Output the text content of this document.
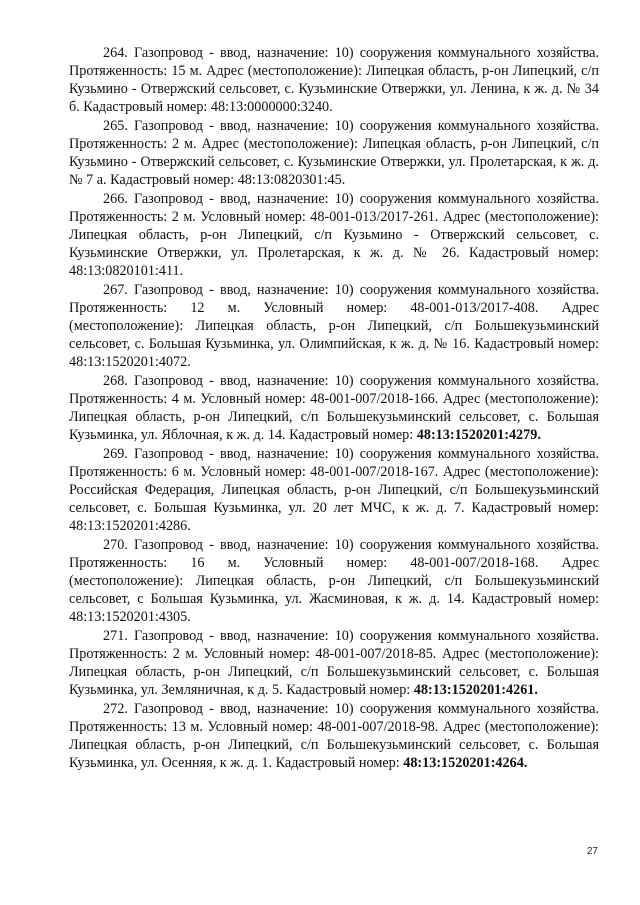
264. Газопровод - ввод, назначение: 10) сооружения коммунального хозяйства. Протяженность: 15 м. Адрес (местоположение): Липецкая область, р-он Липецкий, с/п Кузьмино - Отвержский сельсовет, с. Кузьминские Отвержки, ул. Ленина, к ж. д. № 34 б. Кадастровый номер: 48:13:0000000:3240.

265. Газопровод - ввод, назначение: 10) сооружения коммунального хозяйства. Протяженность: 2 м. Адрес (местоположение): Липецкая область, р-он Липецкий, с/п Кузьмино - Отвержский сельсовет, с. Кузьминские Отвержки, ул. Пролетарская, к ж. д. № 7 а. Кадастровый номер: 48:13:0820301:45.

266. Газопровод - ввод, назначение: 10) сооружения коммунального хозяйства. Протяженность: 2 м. Условный номер: 48-001-013/2017-261. Адрес (местоположение): Липецкая область, р-он Липецкий, с/п Кузьмино - Отвержский сельсовет, с. Кузьминские Отвержки, ул. Пролетарская, к ж. д. № 26. Кадастровый номер: 48:13:0820101:411.

267. Газопровод - ввод, назначение: 10) сооружения коммунального хозяйства. Протяженность: 12 м. Условный номер: 48-001-013/2017-408. Адрес (местоположение): Липецкая область, р-он Липецкий, с/п Большекузьминский сельсовет, с. Большая Кузьминка, ул. Олимпийская, к ж. д. № 16. Кадастровый номер: 48:13:1520201:4072.

268. Газопровод - ввод, назначение: 10) сооружения коммунального хозяйства. Протяженность: 4 м. Условный номер: 48-001-007/2018-166. Адрес (местоположение): Липецкая область, р-он Липецкий, с/п Большекузьминский сельсовет, с. Большая Кузьминка, ул. Яблочная, к ж. д. 14. Кадастровый номер: 48:13:1520201:4279.

269. Газопровод - ввод, назначение: 10) сооружения коммунального хозяйства. Протяженность: 6 м. Условный номер: 48-001-007/2018-167. Адрес (местоположение): Российская Федерация, Липецкая область, р-он Липецкий, с/п Большекузьминский сельсовет, с. Большая Кузьминка, ул. 20 лет МЧС, к ж. д. 7. Кадастровый номер: 48:13:1520201:4286.

270. Газопровод - ввод, назначение: 10) сооружения коммунального хозяйства. Протяженность: 16 м. Условный номер: 48-001-007/2018-168. Адрес (местоположение): Липецкая область, р-он Липецкий, с/п Большекузьминский сельсовет, с Большая Кузьминка, ул. Жасминовая, к ж. д. 14. Кадастровый номер: 48:13:1520201:4305.

271. Газопровод - ввод, назначение: 10) сооружения коммунального хозяйства. Протяженность: 2 м. Условный номер: 48-001-007/2018-85. Адрес (местоположение): Липецкая область, р-он Липецкий, с/п Большекузьминский сельсовет, с. Большая Кузьминка, ул. Земляничная, к д. 5. Кадастровый номер: 48:13:1520201:4261.

272. Газопровод - ввод, назначение: 10) сооружения коммунального хозяйства. Протяженность: 13 м. Условный номер: 48-001-007/2018-98. Адрес (местоположение): Липецкая область, р-он Липецкий, с/п Большекузьминский сельсовет, с. Большая Кузьминка, ул. Осенняя, к ж. д. 1. Кадастровый номер: 48:13:1520201:4264.

27
